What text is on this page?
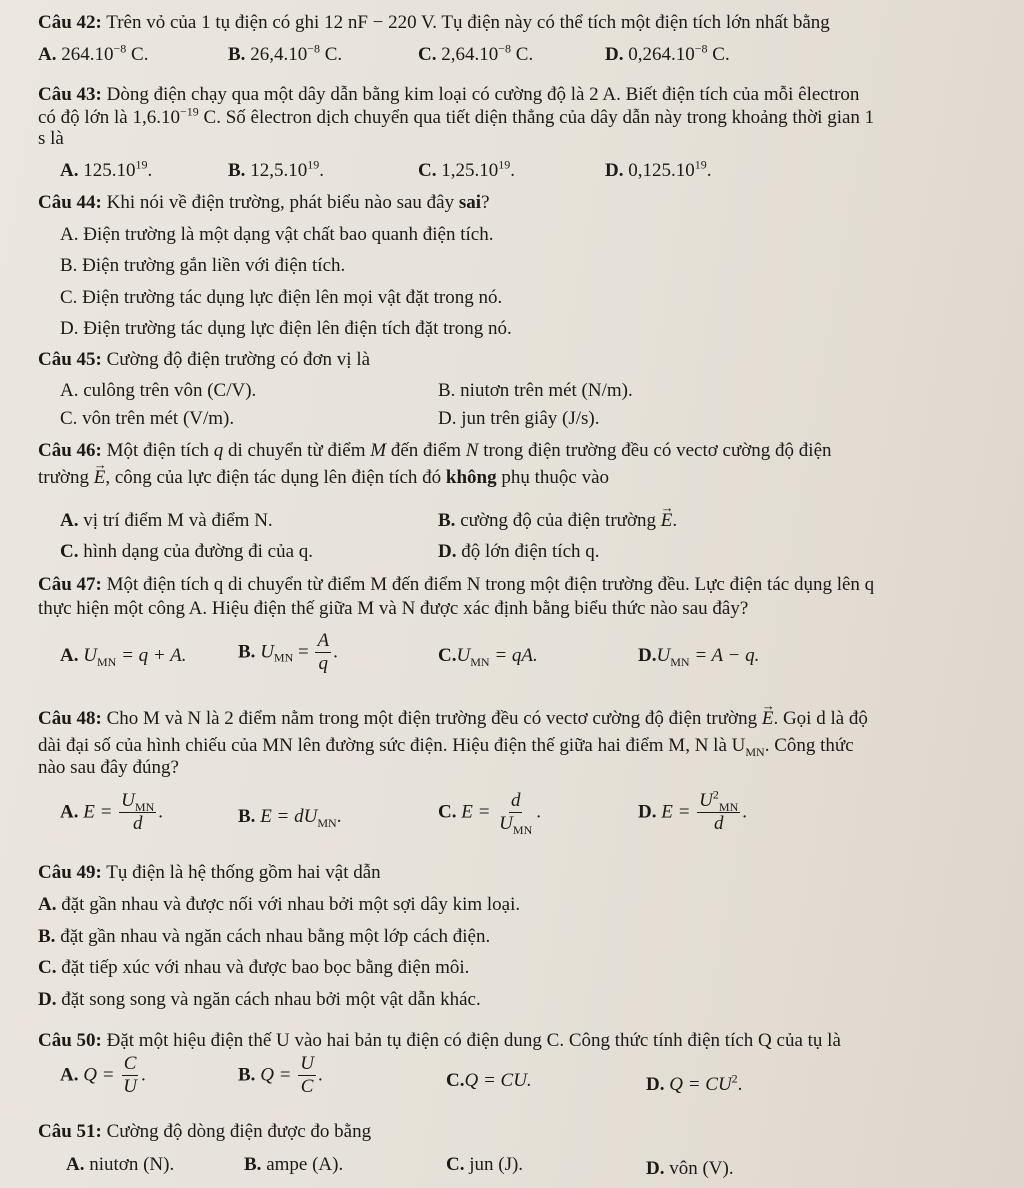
Câu 42: Trên vỏ của 1 tụ điện có ghi 12 nF − 220 V. Tụ điện này có thể tích một điện tích lớn nhất bằng
A. $264.10^{-8}$ C.	B. $26,4.10^{-8}$ C.	C. $2,64.10^{-8}$ C.	D. $0,264.10^{-8}$ C.
Câu 43: Dòng điện chạy qua một dây dẫn bằng kim loại có cường độ là 2 A. Biết điện tích của mỗi êlectron
có độ lớn là $1,6.10^{-19}$ C. Số êlectron dịch chuyển qua tiết diện thẳng của dây dẫn này trong khoảng thời gian 1
s là
A. 125.10$^{19}$.	B. 12,5.10$^{19}$.	C. 1,25.10$^{19}$.	D. 0,125.10$^{19}$.
Câu 44: Khi nói về điện trường, phát biểu nào sau đây sai?
A. Điện trường là một dạng vật chất bao quanh điện tích.
B. Điện trường gắn liền với điện tích.
C. Điện trường tác dụng lực điện lên mọi vật đặt trong nó.
D. Điện trường tác dụng lực điện lên điện tích đặt trong nó.
Câu 45: Cường độ điện trường có đơn vị là
A. culông trên vôn (C/V).	B. niutơn trên mét (N/m).
C. vôn trên mét (V/m).	D. jun trên giây (J/s).
Câu 46: Một điện tích q di chuyển từ điểm M đến điểm N trong điện trường đều có vectơ cường độ điện
trường → E, công của lực điện tác dụng lên điện tích đó không phụ thuộc vào
A. vị trí điểm M và điểm N.	B. cường độ của điện trường → E.
C. hình dạng của đường đi của q.	D. độ lớn điện tích q.
Câu 47: Một điện tích q di chuyển từ điểm M đến điểm N trong một điện trường đều. Lực điện tác dụng lên q
thực hiện một công A. Hiệu điện thế giữa M và N được xác định bằng biểu thức nào sau đây?
A. $U_{MN} = q + A$.	B. $U_{MN} = \frac{A}{q}$ .	$C.U_{MN}$ = qA.	$D.U_{MN} = A - q$.
Câu 48: Cho M và N là 2 điểm nằm trong một điện trường đều có vectơ cường độ điện trường → E. Gọi d là độ
dài đại số của hình chiếu của MN lên đường sức điện. Hiệu điện thế giữa hai điểm M, N là $U_{MN}$. Công thức
nào sau đây đúng?
A. $E = \frac{U_{MN}}{d}$ .	B. $E = dU_{MN}$.	C. $E = \frac{d}{U_{MN}}$ .	D. $E = \frac{U^2_{MN}}{d}$ .
Câu 49: Tụ điện là hệ thống gồm hai vật dẫn
A. đặt gần nhau và được nối với nhau bởi một sợi dây kim loại.
B. đặt gần nhau và ngăn cách nhau bằng một lớp cách điện.
C. đặt tiếp xúc với nhau và được bao bọc bằng điện môi.
D. đặt song song và ngăn cách nhau bởi một vật dẫn khác.
Câu 50: Đặt một hiệu điện thế U vào hai bản tụ điện có điện dung C. Công thức tính điện tích Q của tụ là
A. $Q = \frac{C}{U}$ .	B. $Q = \frac{U}{C}$ .	C.Q = CU.	D. $Q = CU^2$.
Câu 51: Cường độ dòng điện được đo bằng
A. niutơn (N).	B. ampe (A).	C. jun (J).	D. vôn (V).
